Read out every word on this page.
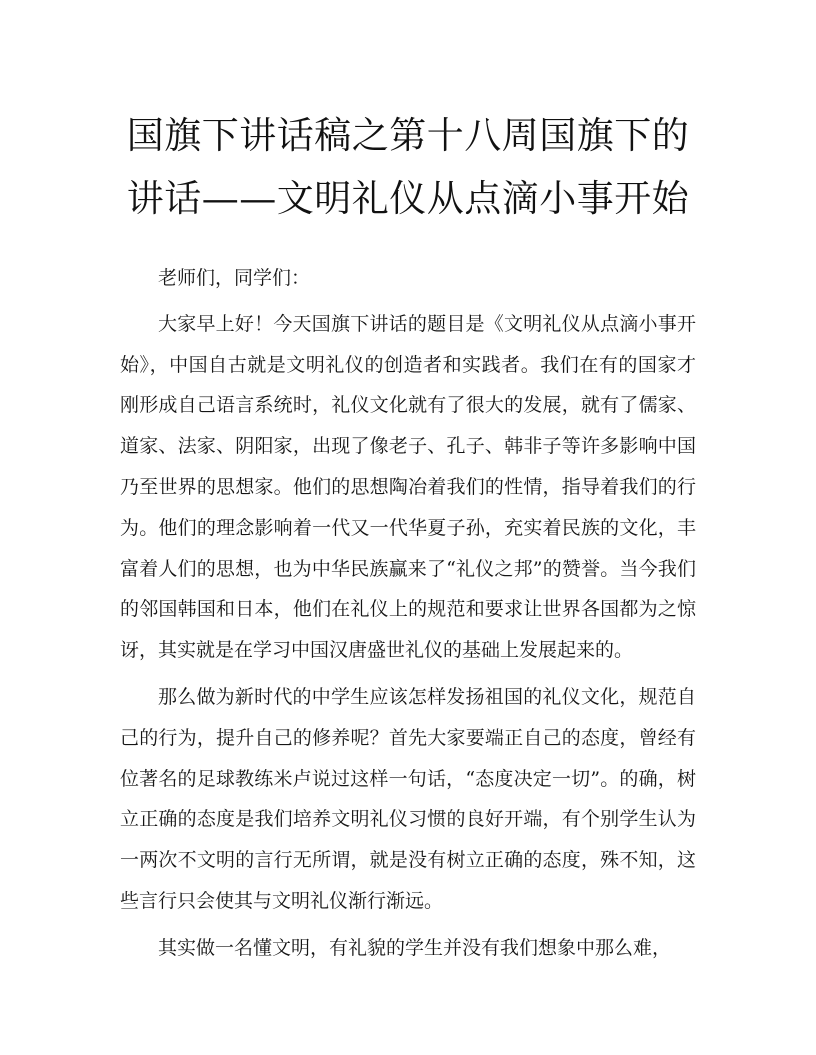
国旗下讲话稿之第十八周国旗下的讲话——文明礼仪从点滴小事开始

老师们，同学们：

大家早上好！今天国旗下讲话的题目是《文明礼仪从点滴小事开始》，中国自古就是文明礼仪的创造者和实践者。我们在有的国家才刚形成自己语言系统时，礼仪文化就有了很大的发展，就有了儒家、道家、法家、阴阳家，出现了像老子、孔子、韩非子等许多影响中国乃至世界的思想家。他们的思想陶冶着我们的性情，指导着我们的行为。他们的理念影响着一代又一代华夏子孙，充实着民族的文化，丰富着人们的思想，也为中华民族赢来了“礼仪之邦”的赞誉。当今我们的邻国韩国和日本，他们在礼仪上的规范和要求让世界各国都为之惊讶，其实就是在学习中国汉唐盛世礼仪的基础上发展起来的。

那么做为新时代的中学生应该怎样发扬祖国的礼仪文化，规范自己的行为，提升自己的修养呢？首先大家要端正自己的态度，曾经有位著名的足球教练米卢说过这样一句话，“态度决定一切”。的确，树立正确的态度是我们培养文明礼仪习惯的良好开端，有个别学生认为一两次不文明的言行无所谓，就是没有树立正确的态度，殊不知，这些言行只会使其与文明礼仪渐行渐远。

其实做一名懂文明，有礼貌的学生并没有我们想象中那么难，
